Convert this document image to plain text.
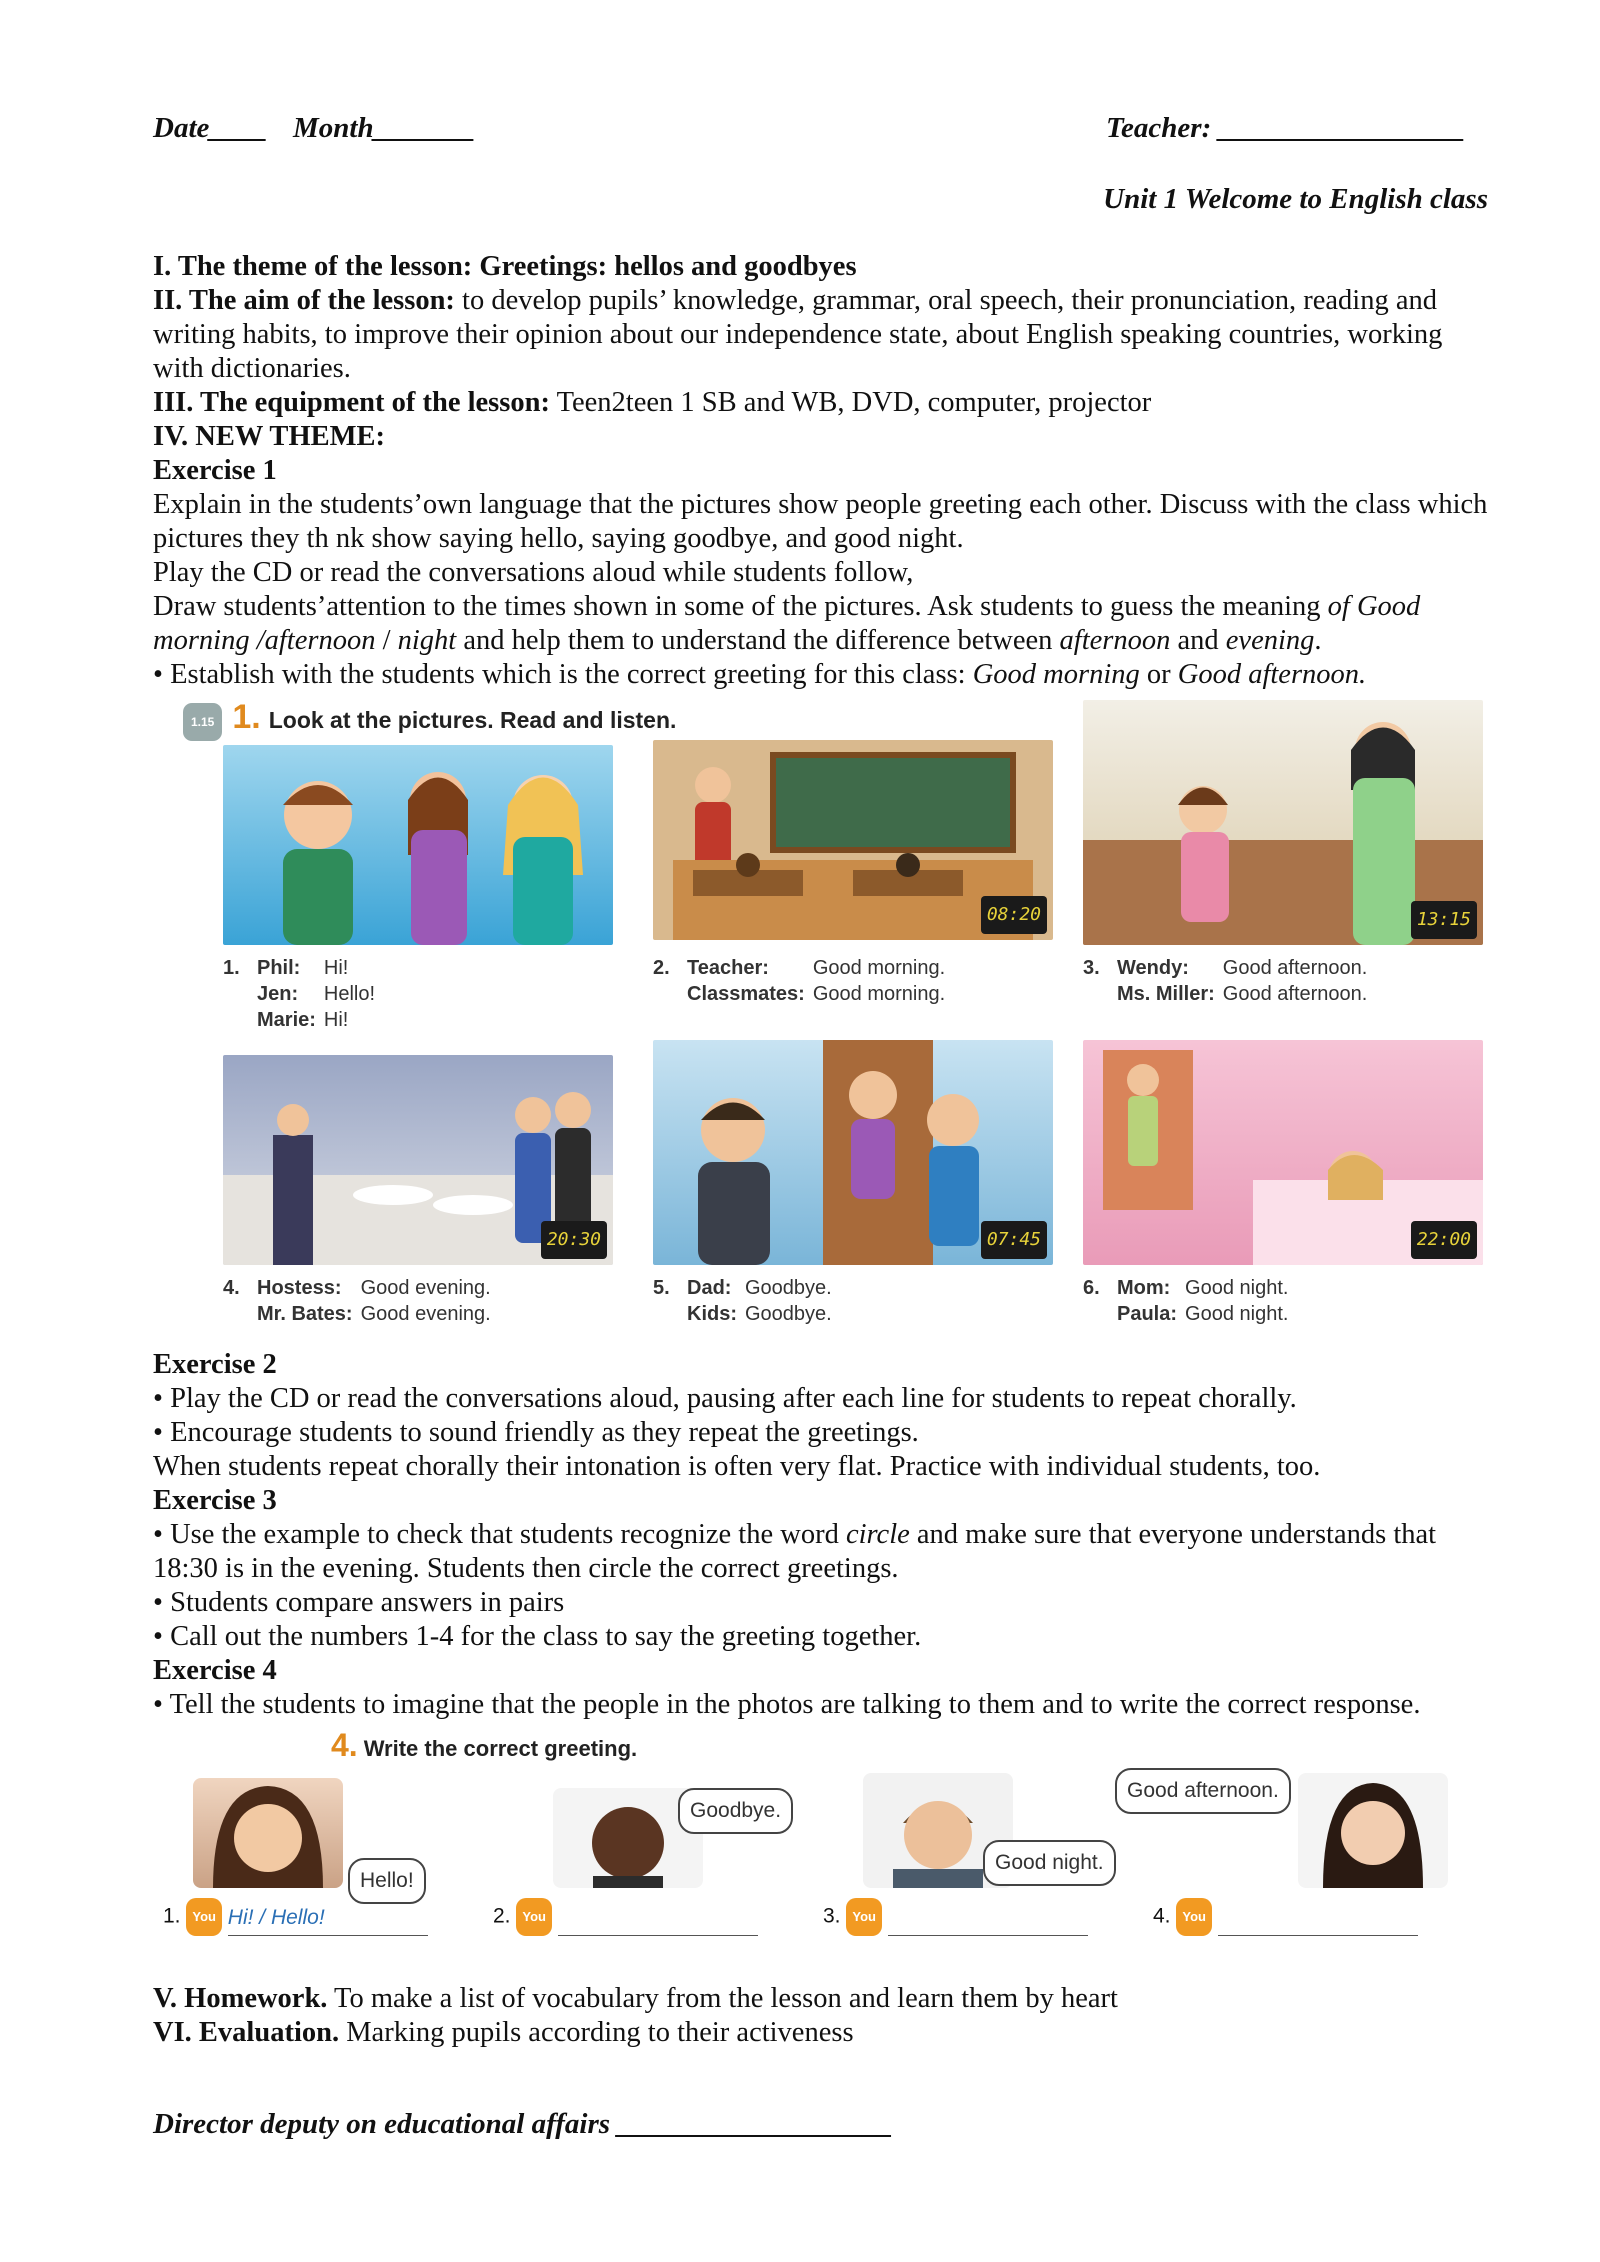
Date____ Month_______	Teacher: _________________
Unit 1 Welcome to English class

I. The theme of the lesson: Greetings: hellos and goodbyes

II. The aim of the lesson: to develop pupils’ knowledge, grammar, oral speech, their pronunciation, reading and writing habits, to improve their opinion about our independence state, about English speaking countries, working with dictionaries.

III. The equipment of the lesson: Teen2teen 1 SB and WB, DVD, computer, projector

IV. NEW THEME:

Exercise 1

Explain in the students’own language that the pictures show people greeting each other. Discuss with the class which pictures they th nk show saying hello, saying goodbye, and good night.

Play the CD or read the conversations aloud while students follow,

Draw students’attention to the times shown in some of the pictures. Ask students to guess the meaning of Good morning /afternoon / night and help them to understand the difference between afternoon and evening.

• Establish with the students which is the correct greeting for this class: Good morning or Good afternoon.

1.15 1. Look at the pictures. Read and listen.
1.	Phil:	Hi!
	Jen:	Hello!
	Marie:	Hi!
08:20
2.	Teacher:	Good morning.
	Classmates:	Good morning.
13:15
3.	Wendy:	Good afternoon.
	Ms. Miller:	Good afternoon.
20:30
4.	Hostess:	Good evening.
	Mr. Bates:	Good evening.
07:45
5.	Dad:	Goodbye.
	Kids:	Goodbye.
22:00
6.	Mom:	Good night.
	Paula:	Good night.

Exercise 2

• Play the CD or read the conversations aloud, pausing after each line for students to repeat chorally.

• Encourage students to sound friendly as they repeat the greetings.

When students repeat chorally their intonation is often very flat. Practice with individual students, too.

Exercise 3

• Use the example to check that students recognize the word circle and make sure that everyone understands that 18:30 is in the evening. Students then circle the correct greetings.

• Students compare answers in pairs

• Call out the numbers 1-4 for the class to say the greeting together.

Exercise 4

• Tell the students to imagine that the people in the photos are talking to them and to write the correct response.

4. Write the correct greeting.
Hello!
Goodbye.
Good night.
Good afternoon.
1. You Hi! / Hello!	2. You	3. You	4. You

V. Homework. To make a list of vocabulary from the lesson and learn them by heart

VI. Evaluation. Marking pupils according to their activeness

Director deputy on educational affairs ___________________
